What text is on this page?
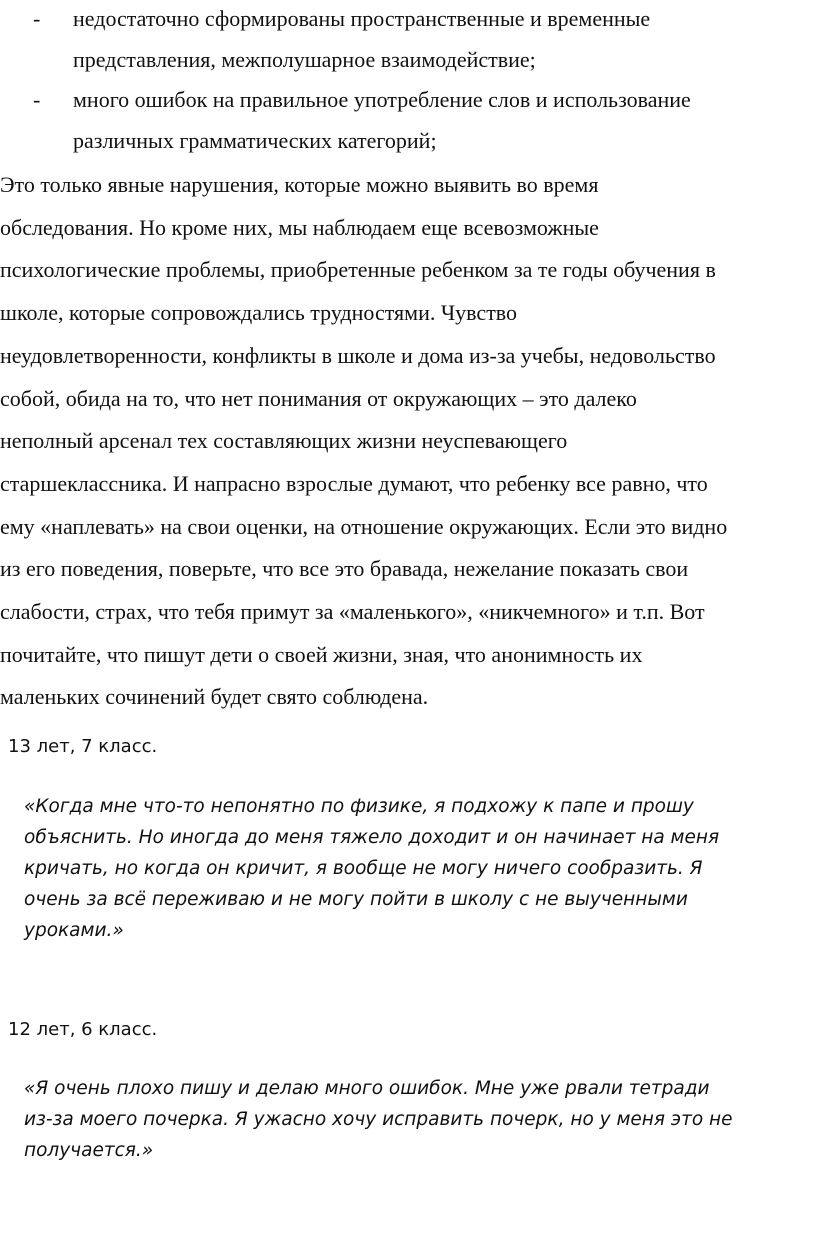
- недостаточно сформированы пространственные и временные
представления, межполушарное взаимодействие;
- много ошибок на правильное употребление слов и использование
различных грамматических категорий;

Это только явные нарушения, которые можно выявить во время
обследования. Но кроме них, мы наблюдаем еще всевозможные
психологические проблемы, приобретенные ребенком за те годы обучения в
школе, которые сопровождались трудностями. Чувство
неудовлетворенности, конфликты в школе и дома из-за учебы, недовольство
собой, обида на то, что нет понимания от окружающих – это далеко
неполный арсенал тех составляющих жизни неуспевающего
старшеклассника. И напрасно взрослые думают, что ребенку все равно, что
ему «наплевать» на свои оценки, на отношение окружающих. Если это видно
из его поведения, поверьте, что все это бравада, нежелание показать свои
слабости, страх, что тебя примут за «маленького», «никчемного» и т.п. Вот
почитайте, что пишут дети о своей жизни, зная, что анонимность их
маленьких сочинений будет свято соблюдена.

13 лет, 7 класс.

«Когда мне что-то непонятно по физике, я подхожу к папе и прошу
объяснить. Но иногда до меня тяжело доходит и он начинает на меня
кричать, но когда он кричит, я вообще не могу ничего сообразить. Я
очень за всё переживаю и не могу пойти в школу с не выученными
уроками.»

12 лет, 6 класс.

«Я очень плохо пишу и делаю много ошибок. Мне уже рвали тетради
из-за моего почерка. Я ужасно хочу исправить почерк, но у меня это не
получается.»
